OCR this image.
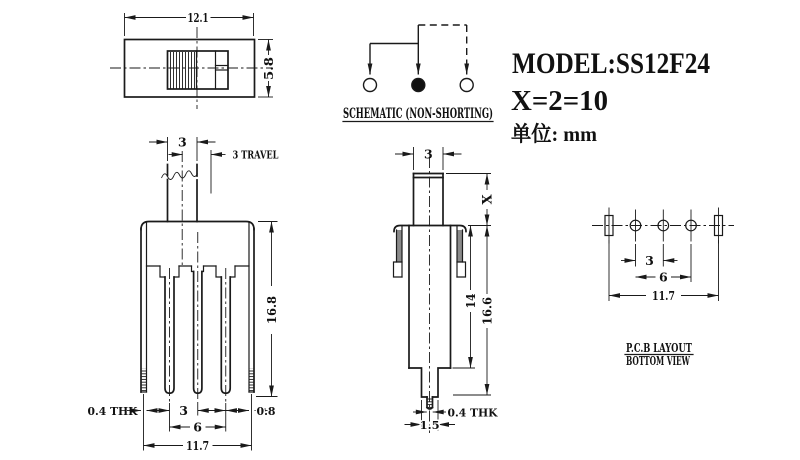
12.1
5.8
SCHEMATIC (NON-SHORTING)
MODEL:SS12F24
X=2=10
单位: mm
3
3 TRAVEL
16.8
0.4 THK	3	0.8
6
11.7
3
X
14 16.6
0.4 THK
1.5
3
6
11.7
P.C.B LAYOUT
BOTTOM VIEW
